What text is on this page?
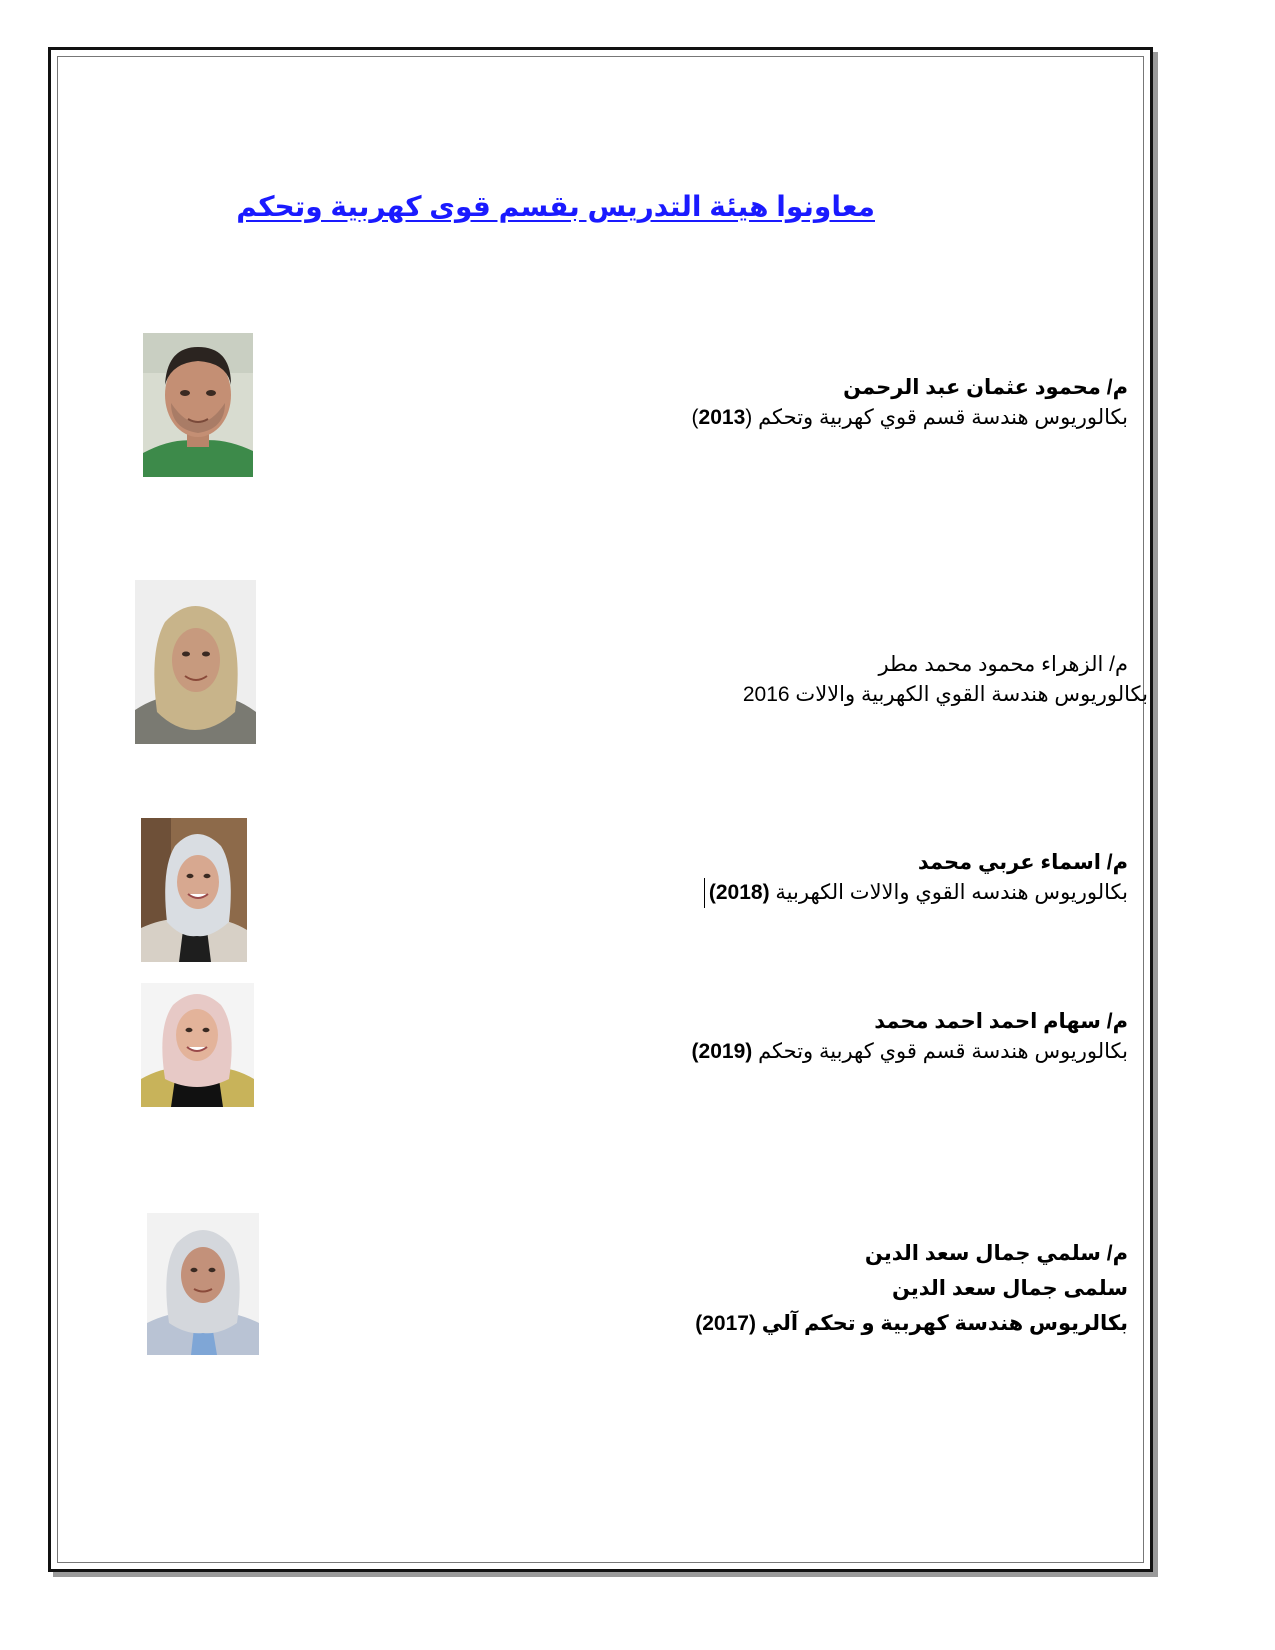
معاونوا هيئة التدريس بقسم قوى كهربية وتحكم
م/ محمود عثمان عبد الرحمن
بكالوريوس هندسة قسم قوي كهربية وتحكم (2013)
م/ الزهراء محمود محمد مطر
بكالوريوس هندسة القوي الكهربية والالات 2016
م/ اسماء عربي محمد
بكالوريوس هندسه القوي والالات الكهربية (2018)
م/ سهام احمد احمد محمد
بكالوريوس هندسة قسم قوي كهربية وتحكم (2019)
م/ سلمي جمال سعد الدين
سلمى جمال سعد الدين
بكالريوس هندسة كهربية و تحكم آلي (2017)
